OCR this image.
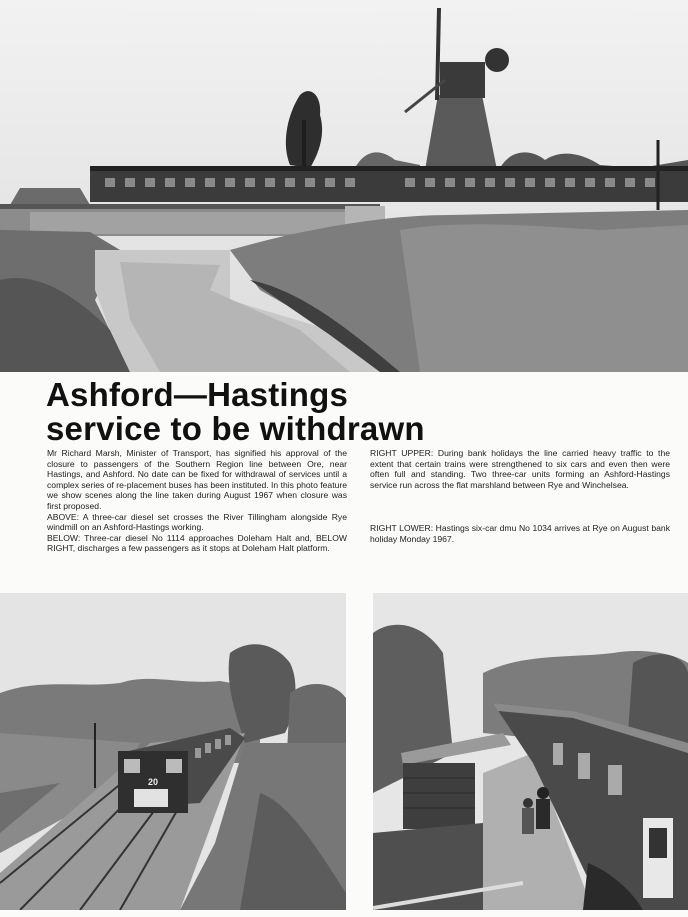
Ashford—Hastings
service to be withdrawn

Mr Richard Marsh, Minister of Transport, has signified his approval of the closure to passengers of the Southern Region line between Ore, near Hastings, and Ashford. No date can be fixed for withdrawal of services until a complex series of re-placement buses has been instituted. In this photo feature we show scenes along the line taken during August 1967 when closure was first proposed.

ABOVE: A three-car diesel set crosses the River Tillingham alongside Rye windmill on an Ashford-Hastings working.

BELOW: Three-car diesel No 1114 approaches Doleham Halt and, BELOW RIGHT, discharges a few passengers as it stops at Doleham Halt platform.

RIGHT UPPER: During bank holidays the line carried heavy traffic to the extent that certain trains were strengthened to six cars and even then were often full and standing. Two three-car units forming an Ashford-Hastings service run across the flat marshland between Rye and Winchelsea.

RIGHT LOWER: Hastings six-car dmu No 1034 arrives at Rye on August bank holiday Monday 1967.

20
